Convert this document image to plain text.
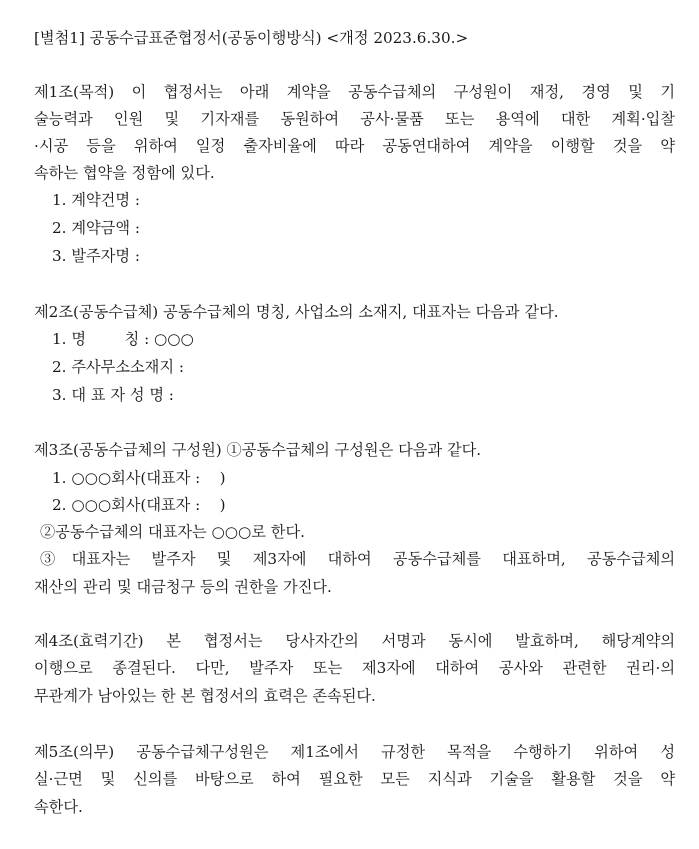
[별첨1] 공동수급표준협정서(공동이행방식) <개정 2023.6.30.>
제1조(목적) 이 협정서는 아래 계약을 공동수급체의 구성원이 재정, 경영 및 기
술능력과 인원 및 기자재를 동원하여 공사·물품 또는 용역에 대한 계획·입찰
·시공 등을 위하여 일정 출자비율에 따라 공동연대하여 계약을 이행할 것을 약
속하는 협약을 정함에 있다.
1. 계약건명 :
2. 계약금액 :
3. 발주자명 :
제2조(공동수급체) 공동수급체의 명칭, 사업소의 소재지, 대표자는 다음과 같다.
1. 명        칭 : ○○○
2. 주사무소소재지 :
3. 대 표 자 성 명 :
제3조(공동수급체의 구성원) ①공동수급체의 구성원은 다음과 같다.
1. ○○○회사(대표자 :    )
2. ○○○회사(대표자 :    )
②공동수급체의 대표자는 ○○○로 한다.
③대표자는 발주자 및 제3자에 대하여 공동수급체를 대표하며, 공동수급체의
재산의 관리 및 대금청구 등의 권한을 가진다.
제4조(효력기간) 본 협정서는 당사자간의 서명과 동시에 발효하며, 해당계약의
이행으로 종결된다. 다만, 발주자 또는 제3자에 대하여 공사와 관련한 권리·의
무관계가 남아있는 한 본 협정서의 효력은 존속된다.
제5조(의무) 공동수급체구성원은 제1조에서 규정한 목적을 수행하기 위하여 성
실·근면 및 신의를 바탕으로 하여 필요한 모든 지식과 기술을 활용할 것을 약
속한다.
